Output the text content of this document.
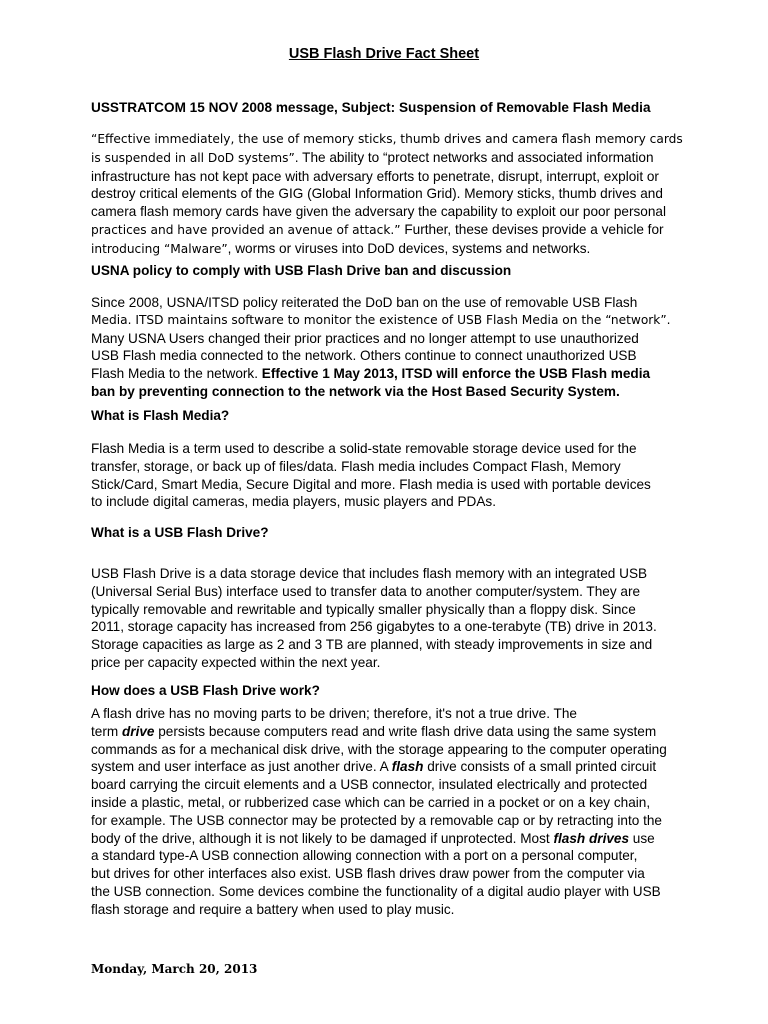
USB Flash Drive Fact Sheet
USSTRATCOM 15 NOV 2008 message, Subject: Suspension of Removable Flash Media
“Effective immediately, the use of memory sticks, thumb drives and camera flash memory cards
is suspended in all DoD systems”. The ability to “protect networks and associated information
infrastructure has not kept pace with adversary efforts to penetrate, disrupt, interrupt, exploit or
destroy critical elements of the GIG (Global Information Grid). Memory sticks, thumb drives and
camera flash memory cards have given the adversary the capability to exploit our poor personal
practices and have provided an avenue of attack.” Further, these devises provide a vehicle for
introducing “Malware”, worms or viruses into DoD devices, systems and networks.
USNA policy to comply with USB Flash Drive ban and discussion
Since 2008, USNA/ITSD policy reiterated the DoD ban on the use of removable USB Flash
Media. ITSD maintains software to monitor the existence of USB Flash Media on the “network”.
Many USNA Users changed their prior practices and no longer attempt to use unauthorized
USB Flash media connected to the network. Others continue to connect unauthorized USB
Flash Media to the network. Effective 1 May 2013, ITSD will enforce the USB Flash media
ban by preventing connection to the network via the Host Based Security System.
What is Flash Media?
Flash Media is a term used to describe a solid-state removable storage device used for the
transfer, storage, or back up of files/data. Flash media includes Compact Flash, Memory
Stick/Card, Smart Media, Secure Digital and more. Flash media is used with portable devices
to include digital cameras, media players, music players and PDAs.
What is a USB Flash Drive?
USB Flash Drive is a data storage device that includes flash memory with an integrated USB
(Universal Serial Bus) interface used to transfer data to another computer/system. They are
typically removable and rewritable and typically smaller physically than a floppy disk. Since
2011, storage capacity has increased from 256 gigabytes to a one-terabyte (TB) drive in 2013.
Storage capacities as large as 2 and 3 TB are planned, with steady improvements in size and
price per capacity expected within the next year.
How does a USB Flash Drive work?
A flash drive has no moving parts to be driven; therefore, it's not a true drive. The
term drive persists because computers read and write flash drive data using the same system
commands as for a mechanical disk drive, with the storage appearing to the computer operating
system and user interface as just another drive. A flash drive consists of a small printed circuit
board carrying the circuit elements and a USB connector, insulated electrically and protected
inside a plastic, metal, or rubberized case which can be carried in a pocket or on a key chain,
for example. The USB connector may be protected by a removable cap or by retracting into the
body of the drive, although it is not likely to be damaged if unprotected. Most flash drives use
a standard type-A USB connection allowing connection with a port on a personal computer,
but drives for other interfaces also exist. USB flash drives draw power from the computer via
the USB connection. Some devices combine the functionality of a digital audio player with USB
flash storage and require a battery when used to play music.
Monday, March 20, 2013
